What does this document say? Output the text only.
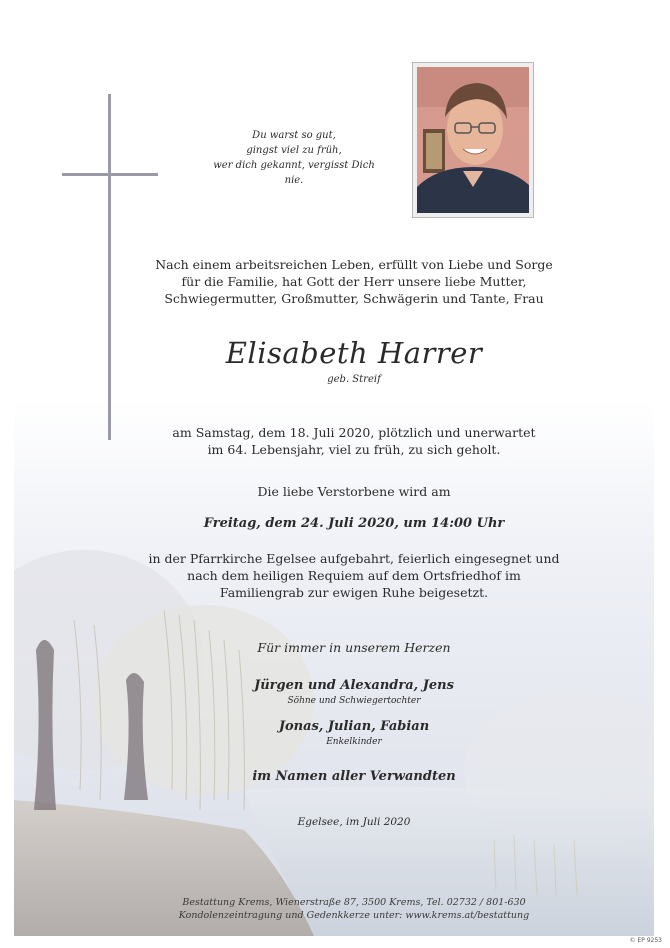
Du warst so gut,
gingst viel zu früh,
wer dich gekannt, vergisst Dich nie.
Nach einem arbeitsreichen Leben, erfüllt von Liebe und Sorge
für die Familie, hat Gott der Herr unsere liebe Mutter,
Schwiegermutter, Großmutter, Schwägerin und Tante, Frau
Elisabeth Harrer
geb. Streif
am Samstag, dem 18. Juli 2020, plötzlich und unerwartet
im 64. Lebensjahr, viel zu früh, zu sich geholt.
Die liebe Verstorbene wird am
Freitag, dem 24. Juli 2020, um 14:00 Uhr
in der Pfarrkirche Egelsee aufgebahrt, feierlich eingesegnet und
nach dem heiligen Requiem auf dem Ortsfriedhof im
Familiengrab zur ewigen Ruhe beigesetzt.
Für immer in unserem Herzen
Jürgen und Alexandra, Jens
Söhne und Schwiegertochter
Jonas, Julian, Fabian
Enkelkinder
im Namen aller Verwandten
Egelsee, im Juli 2020
Bestattung Krems, Wienerstraße 87, 3500 Krems, Tel. 02732 / 801-630
Kondolenzeintragung und Gedenkkerze unter: www.krems.at/bestattung
© EP 9253
